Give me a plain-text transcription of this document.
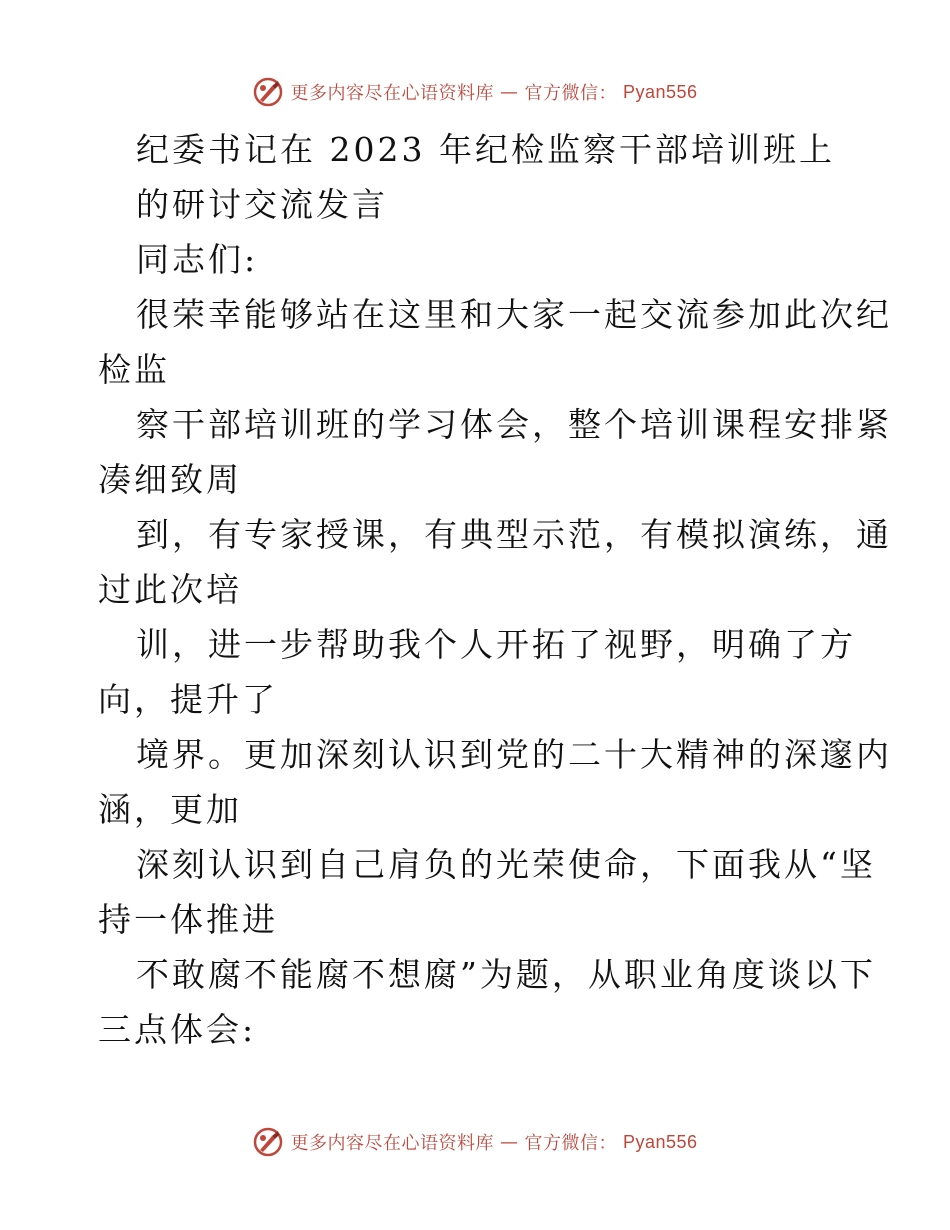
更多内容尽在心语资料库 — 官方微信： Pyan556
纪委书记在 2023 年纪检监察干部培训班上
的研讨交流发言
同志们:
很荣幸能够站在这里和大家一起交流参加此次纪
检监
察干部培训班的学习体会，整个培训课程安排紧
凑细致周
到，有专家授课，有典型示范，有模拟演练，通
过此次培
训，进一步帮助我个人开拓了视野，明确了方
向，提升了
境界。更加深刻认识到党的二十大精神的深邃内
涵，更加
深刻认识到自己肩负的光荣使命，下面我从“坚
持一体推进
不敢腐不能腐不想腐”为题，从职业角度谈以下
三点体会:
更多内容尽在心语资料库 — 官方微信： Pyan556
